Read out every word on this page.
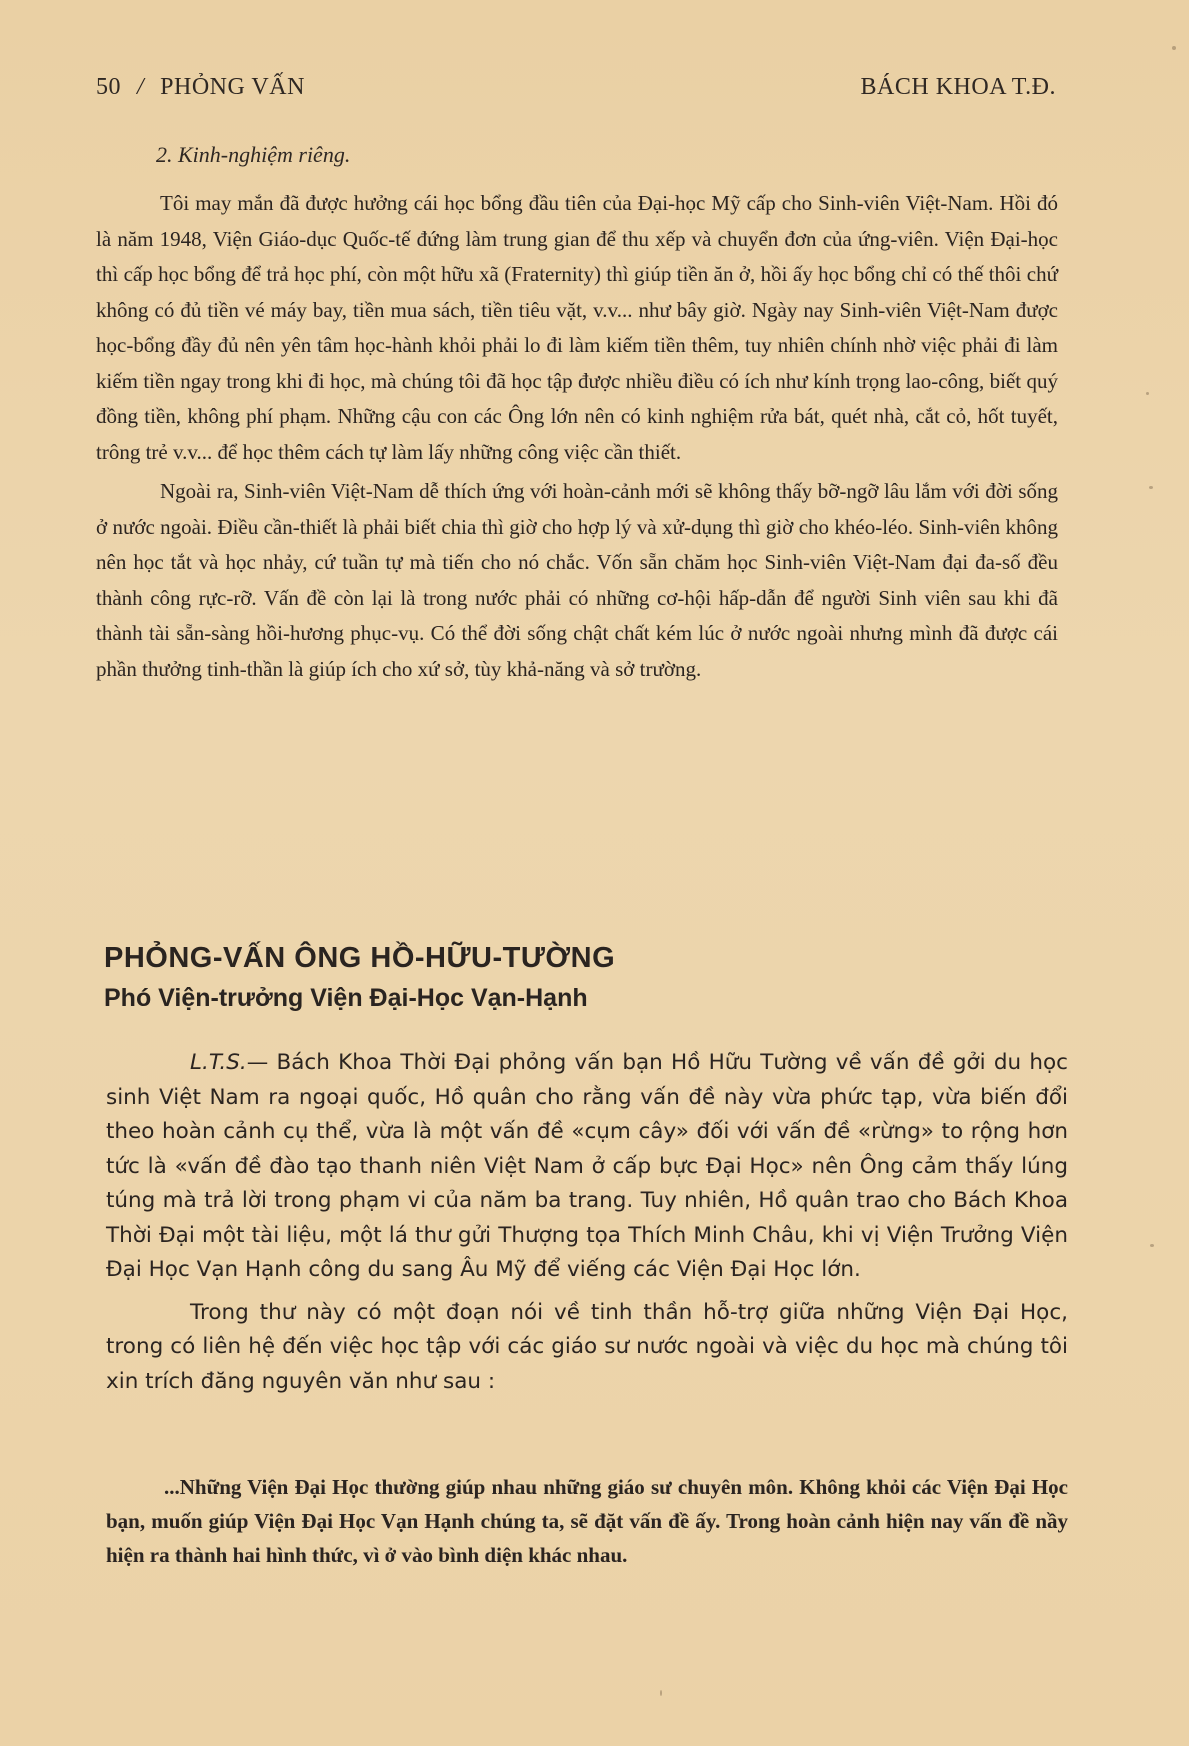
50 / PHỎNG VẤN	BÁCH KHOA T.Đ.
2. Kinh-nghiệm riêng.

Tôi may mắn đã được hưởng cái học bổng đầu tiên của Đại-học Mỹ cấp cho Sinh-viên Việt-Nam. Hồi đó là năm 1948, Viện Giáo-dục Quốc-tế đứng làm trung gian để thu xếp và chuyển đơn của ứng-viên. Viện Đại-học thì cấp học bổng để trả học phí, còn một hữu xã (Fraternity) thì giúp tiền ăn ở, hồi ấy học bổng chỉ có thế thôi chứ không có đủ tiền vé máy bay, tiền mua sách, tiền tiêu vặt, v.v... như bây giờ. Ngày nay Sinh-viên Việt-Nam được học-bổng đầy đủ nên yên tâm học-hành khỏi phải lo đi làm kiếm tiền thêm, tuy nhiên chính nhờ việc phải đi làm kiếm tiền ngay trong khi đi học, mà chúng tôi đã học tập được nhiều điều có ích như kính trọng lao-công, biết quý đồng tiền, không phí phạm. Những cậu con các Ông lớn nên có kinh nghiệm rửa bát, quét nhà, cắt cỏ, hốt tuyết, trông trẻ v.v... để học thêm cách tự làm lấy những công việc cần thiết.

Ngoài ra, Sinh-viên Việt-Nam dễ thích ứng với hoàn-cảnh mới sẽ không thấy bỡ-ngỡ lâu lắm với đời sống ở nước ngoài. Điều cần-thiết là phải biết chia thì giờ cho hợp lý và xử-dụng thì giờ cho khéo-léo. Sinh-viên không nên học tắt và học nhảy, cứ tuần tự mà tiến cho nó chắc. Vốn sẵn chăm học Sinh-viên Việt-Nam đại đa-số đều thành công rực-rỡ. Vấn đề còn lại là trong nước phải có những cơ-hội hấp-dẫn để người Sinh viên sau khi đã thành tài sẵn-sàng hồi-hương phục-vụ. Có thể đời sống chật chất kém lúc ở nước ngoài nhưng mình đã được cái phần thưởng tinh-thần là giúp ích cho xứ sở, tùy khả-năng và sở trường.

PHỎNG-VẤN ÔNG HỒ-HỮU-TƯỜNG
Phó Viện-trưởng Viện Đại-Học Vạn-Hạnh

L.T.S.— Bách Khoa Thời Đại phỏng vấn bạn Hồ Hữu Tường về vấn đề gởi du học sinh Việt Nam ra ngoại quốc, Hồ quân cho rằng vấn đề này vừa phức tạp, vừa biến đổi theo hoàn cảnh cụ thể, vừa là một vấn đề «cụm cây» đối với vấn đề «rừng» to rộng hơn tức là «vấn đề đào tạo thanh niên Việt Nam ở cấp bực Đại Học» nên Ông cảm thấy lúng túng mà trả lời trong phạm vi của năm ba trang. Tuy nhiên, Hồ quân trao cho Bách Khoa Thời Đại một tài liệu, một lá thư gửi Thượng tọa Thích Minh Châu, khi vị Viện Trưởng Viện Đại Học Vạn Hạnh công du sang Âu Mỹ để viếng các Viện Đại Học lớn.

Trong thư này có một đoạn nói về tinh thần hỗ-trợ giữa những Viện Đại Học, trong có liên hệ đến việc học tập với các giáo sư nước ngoài và việc du học mà chúng tôi xin trích đăng nguyên văn như sau :

...Những Viện Đại Học thường giúp nhau những giáo sư chuyên môn. Không khỏi các Viện Đại Học bạn, muốn giúp Viện Đại Học Vạn Hạnh chúng ta, sẽ đặt vấn đề ấy. Trong hoàn cảnh hiện nay vấn đề nầy hiện ra thành hai hình thức, vì ở vào bình diện khác nhau.
